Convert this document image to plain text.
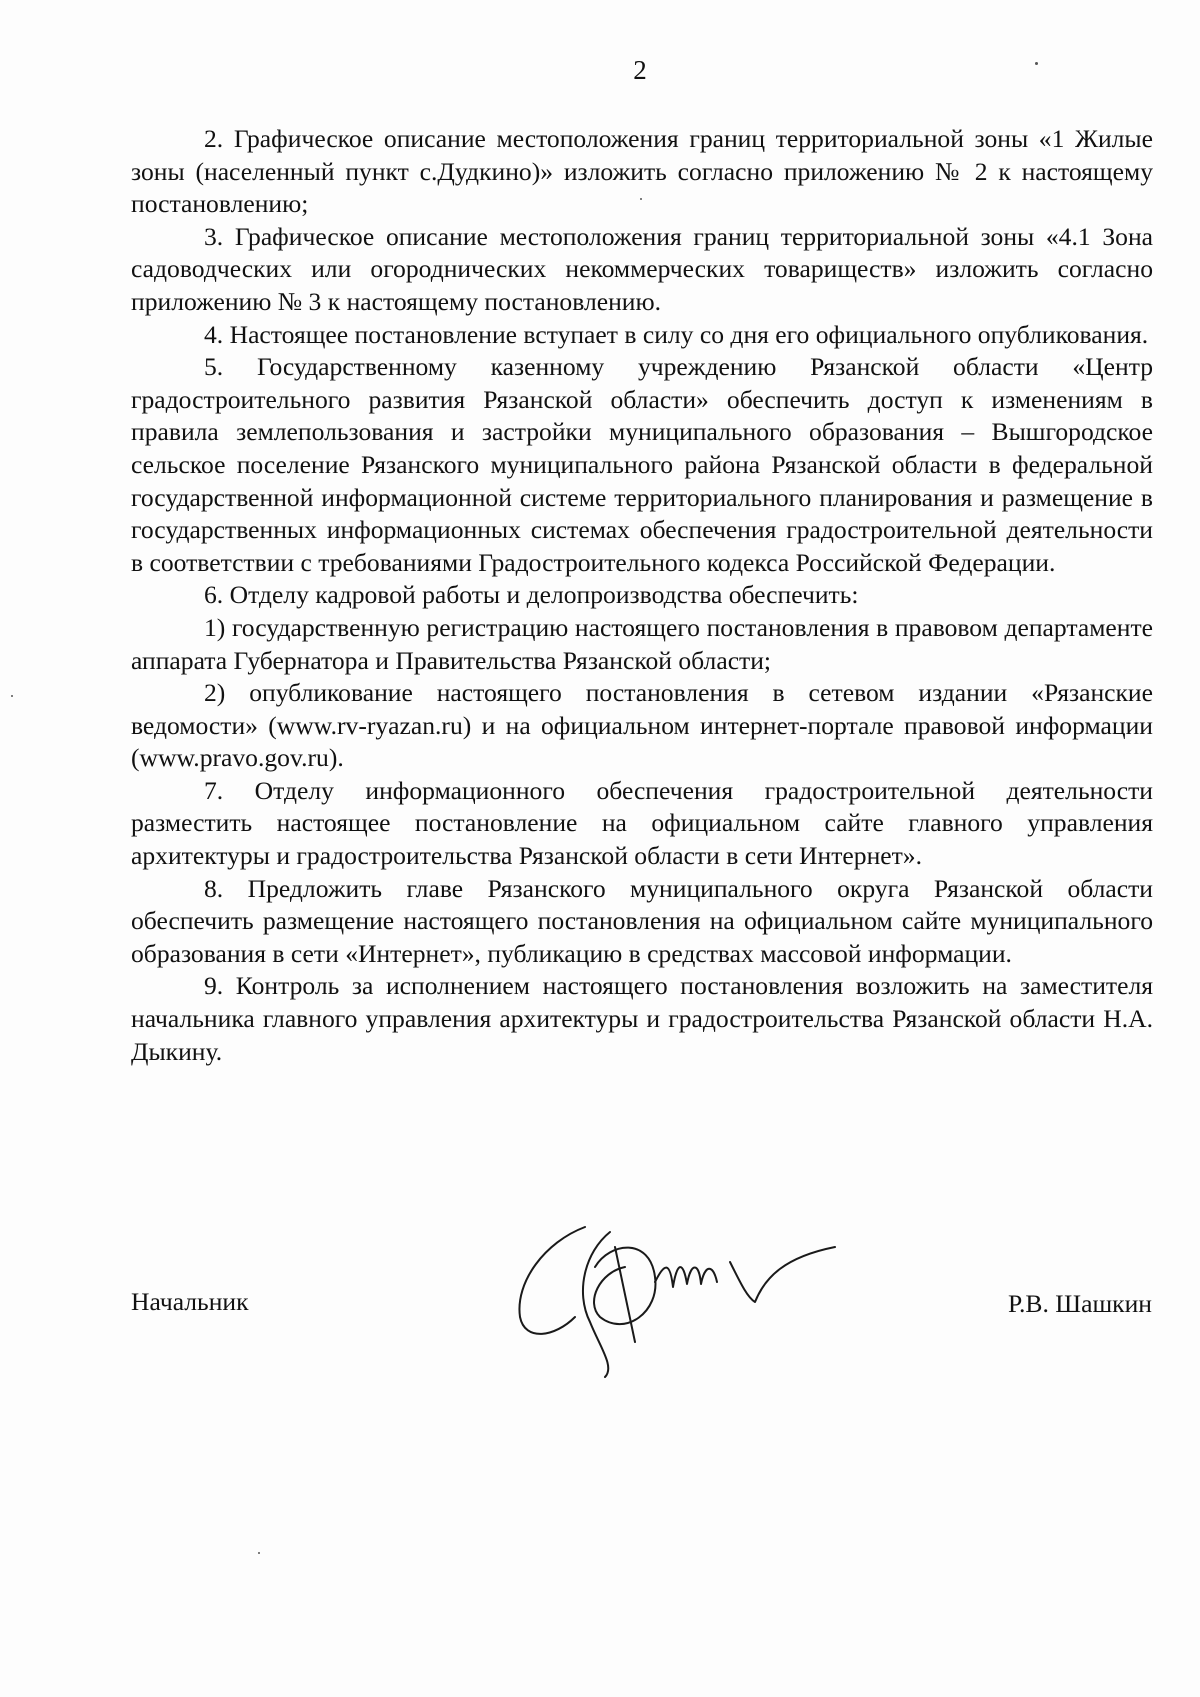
2

2. Графическое описание местоположения границ территориальной зоны «1 Жилые зоны (населенный пункт с.Дудкино)» изложить согласно приложению № 2 к настоящему постановлению;

3. Графическое описание местоположения границ территориальной зоны «4.1 Зона садоводческих или огороднических некоммерческих товариществ» изложить согласно приложению № 3 к настоящему постановлению.

4. Настоящее постановление вступает в силу со дня его официального опубликования.

5. Государственному казенному учреждению Рязанской области «Центр градостроительного развития Рязанской области» обеспечить доступ к изменениям в правила землепользования и застройки муниципального образования – Вышгородское сельское поселение Рязанского муниципального района Рязанской области в федеральной государственной информационной системе территориального планирования и размещение в государственных информационных системах обеспечения градостроительной деятельности в соответствии с требованиями Градостроительного кодекса Российской Федерации.

6. Отделу кадровой работы и делопроизводства обеспечить:

1) государственную регистрацию настоящего постановления в правовом департаменте аппарата Губернатора и Правительства Рязанской области;

2) опубликование настоящего постановления в сетевом издании «Рязанские ведомости» (www.rv-ryazan.ru) и на официальном интернет-портале правовой информации (www.pravo.gov.ru).

7. Отделу информационного обеспечения градостроительной деятельности разместить настоящее постановление на официальном сайте главного управления архитектуры и градостроительства Рязанской области в сети Интернет».

8. Предложить главе Рязанского муниципального округа Рязанской области обеспечить размещение настоящего постановления на официальном сайте муниципального образования в сети «Интернет», публикацию в средствах массовой информации.

9. Контроль за исполнением настоящего постановления возложить на заместителя начальника главного управления архитектуры и градостроительства Рязанской области Н.А. Дыкину.

Начальник	Р.В. Шашкин
